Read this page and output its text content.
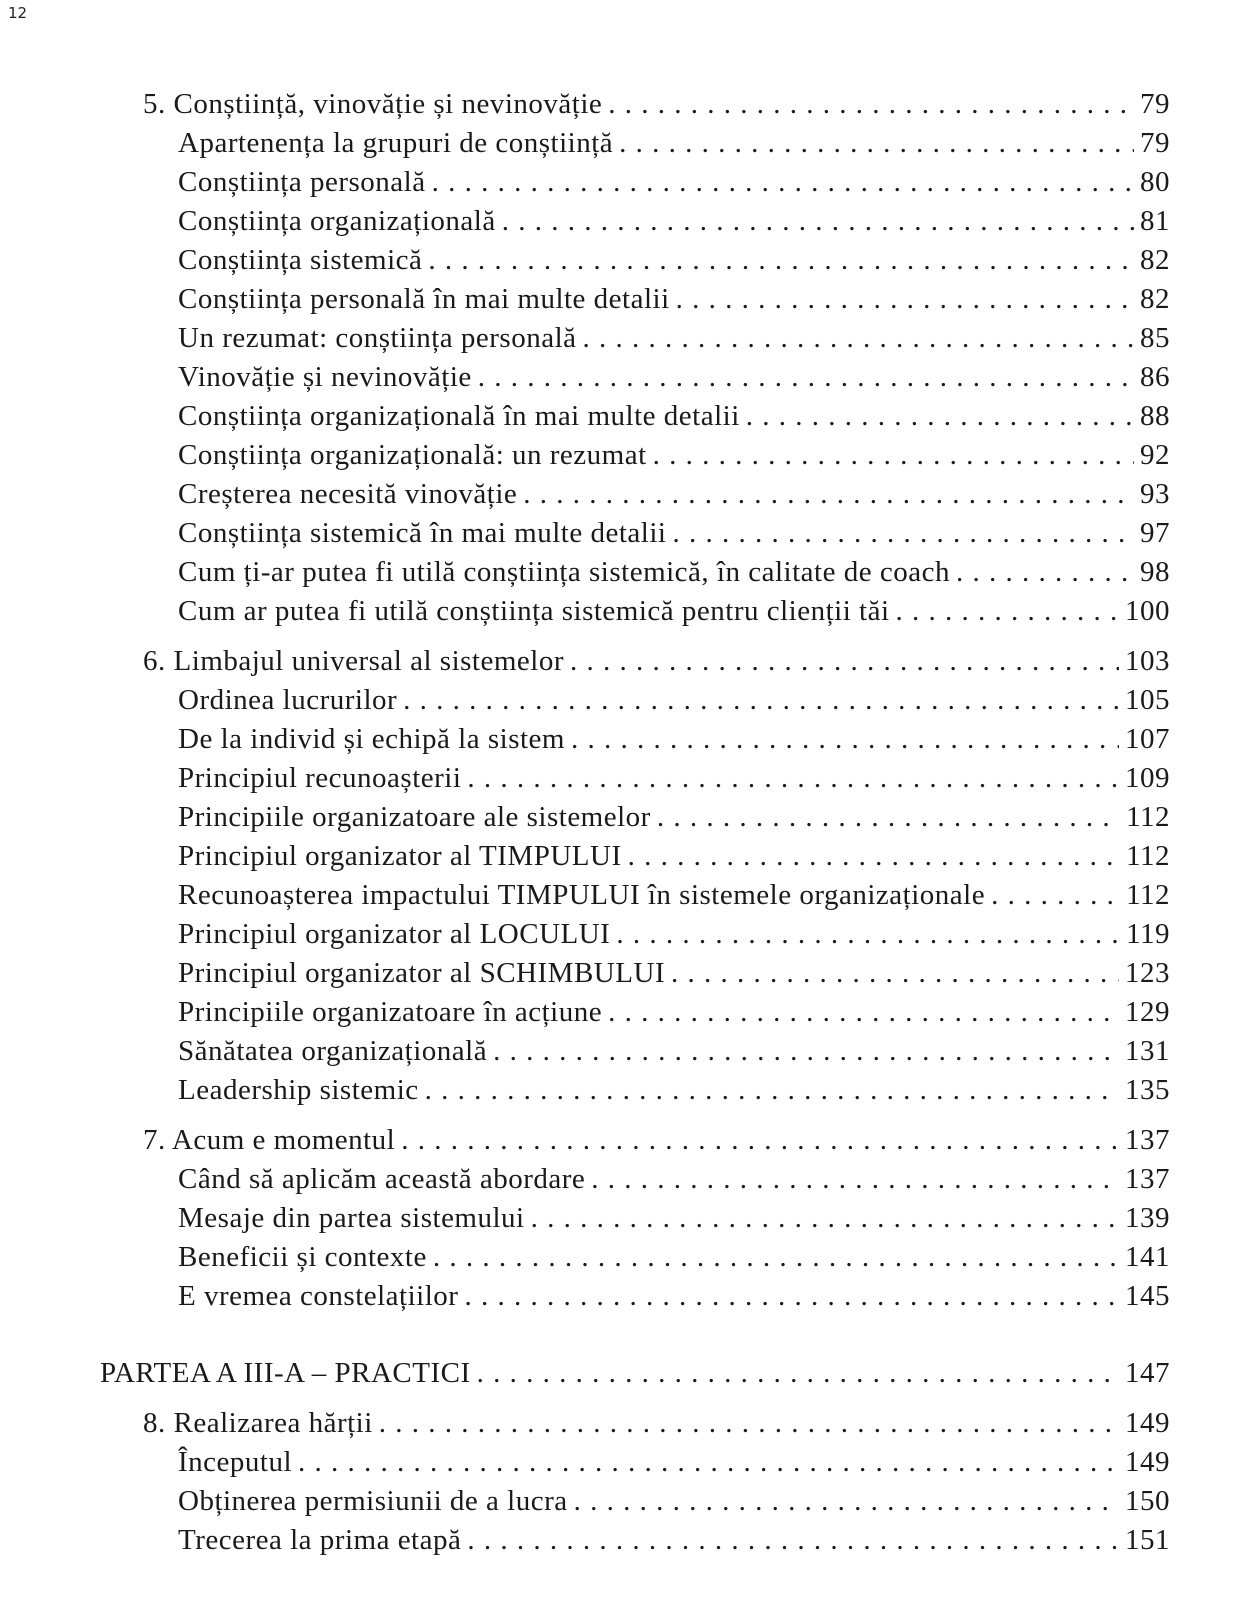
12
5. Conștiință, vinovăție și nevinovăție . . .	79
Apartenența la grupuri de conștiință . . .	79
Conștiința personală . . .	80
Conștiința organizațională . . .	81
Conștiința sistemică . . .	82
Conștiința personală în mai multe detalii . . .	82
Un rezumat: conștiința personală . . .	85
Vinovăție și nevinovăție . . .	86
Conștiința organizațională în mai multe detalii . . .	88
Conștiința organizațională: un rezumat . . .	92
Creșterea necesită vinovăție . . .	93
Conștiința sistemică în mai multe detalii . . .	97
Cum ți-ar putea fi utilă conștiința sistemică, în calitate de coach . . .	98
Cum ar putea fi utilă conștiința sistemică pentru clienții tăi . . .	100
6. Limbajul universal al sistemelor . . .	103
Ordinea lucrurilor . . .	105
De la individ și echipă la sistem . . .	107
Principiul recunoașterii . . .	109
Principiile organizatoare ale sistemelor . . .	112
Principiul organizator al TIMPULUI . . .	112
Recunoașterea impactului TIMPULUI în sistemele organizaționale . . .	112
Principiul organizator al LOCULUI . . .	119
Principiul organizator al SCHIMBULUI . . .	123
Principiile organizatoare în acțiune . . .	129
Sănătatea organizațională . . .	131
Leadership sistemic . . .	135
7. Acum e momentul . . .	137
Când să aplicăm această abordare . . .	137
Mesaje din partea sistemului . . .	139
Beneficii și contexte . . .	141
E vremea constelațiilor . . .	145
PARTEA A III-A – PRACTICI . . .	147
8. Realizarea hărții . . .	149
Începutul . . .	149
Obținerea permisiunii de a lucra . . .	150
Trecerea la prima etapă . . .	151
